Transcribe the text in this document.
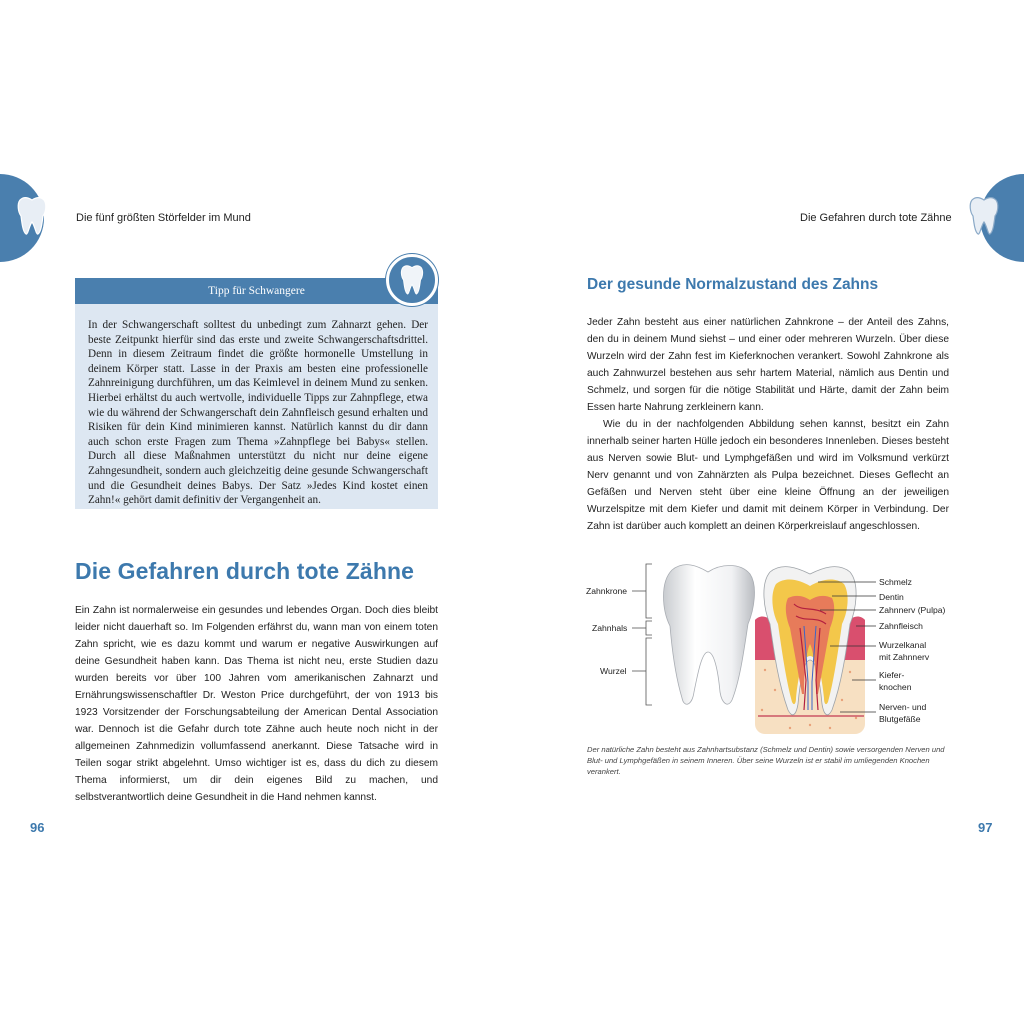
Die fünf größten Störfelder im Mund	Die Gefahren durch tote Zähne
Tipp für Schwangere
In der Schwangerschaft solltest du unbedingt zum Zahnarzt gehen. Der beste Zeitpunkt hierfür sind das erste und zweite Schwangerschaftsdrittel. Denn in diesem Zeitraum findet die größte hormonelle Umstellung in deinem Körper statt. Lasse in der Praxis am besten eine professionelle Zahnreinigung durchführen, um das Keimlevel in deinem Mund zu senken. Hierbei erhältst du auch wertvolle, individuelle Tipps zur Zahnpflege, etwa wie du während der Schwangerschaft dein Zahnfleisch gesund erhalten und Risiken für dein Kind minimieren kannst. Natürlich kannst du dir dann auch schon erste Fragen zum Thema »Zahnpflege bei Babys« stellen. Durch all diese Maßnahmen unterstützt du nicht nur deine eigene Zahngesundheit, sondern auch gleichzeitig deine gesunde Schwangerschaft und die Gesundheit deines Babys. Der Satz »Jedes Kind kostet einen Zahn!« gehört damit definitiv der Vergangenheit an.
Die Gefahren durch tote Zähne

Ein Zahn ist normalerweise ein gesundes und lebendes Organ. Doch dies bleibt leider nicht dauerhaft so. Im Folgenden erfährst du, wann man von einem toten Zahn spricht, wie es dazu kommt und warum er negative Auswirkungen auf deine Gesundheit haben kann. Das Thema ist nicht neu, erste Studien dazu wurden bereits vor über 100 Jahren vom amerikanischen Zahnarzt und Ernährungswissenschaftler Dr. Weston Price durchgeführt, der von 1913 bis 1923 Vorsitzender der Forschungsabteilung der American Dental Association war. Dennoch ist die Gefahr durch tote Zähne auch heute noch nicht in der allgemeinen Zahnmedizin vollumfassend anerkannt. Diese Tatsache wird in Teilen sogar strikt abgelehnt. Umso wichtiger ist es, dass du dich zu diesem Thema informierst, um dir dein eigenes Bild zu machen, und selbstverantwortlich deine Gesundheit in die Hand nehmen kannst.

96
Der gesunde Normalzustand des Zahns

Jeder Zahn besteht aus einer natürlichen Zahnkrone – der Anteil des Zahns, den du in deinem Mund siehst – und einer oder mehreren Wurzeln. Über diese Wurzeln wird der Zahn fest im Kieferknochen verankert. Sowohl Zahnkrone als auch Zahnwurzel bestehen aus sehr hartem Material, nämlich aus Dentin und Schmelz, und sorgen für die nötige Stabilität und Härte, damit der Zahn beim Essen harte Nahrung zerkleinern kann.

Wie du in der nachfolgenden Abbildung sehen kannst, besitzt ein Zahn innerhalb seiner harten Hülle jedoch ein besonderes Innenleben. Dieses besteht aus Nerven sowie Blut- und Lymphgefäßen und wird im Volksmund verkürzt Nerv genannt und von Zahnärzten als Pulpa bezeichnet. Dieses Geflecht an Gefäßen und Nerven steht über eine kleine Öffnung an der jeweiligen Wurzelspitze mit dem Kiefer und damit mit deinem Körper in Verbindung. Der Zahn ist darüber auch komplett an deinen Körperkreislauf angeschlossen.

Zahnkrone
Zahnhals
Wurzel
Schmelz
Dentin
Zahnnerv (Pulpa)
Zahnfleisch
Wurzelkanal
mit Zahnnerv
Kiefer-
knochen
Nerven- und
Blutgefäße
Der natürliche Zahn besteht aus Zahnhartsubstanz (Schmelz und Dentin) sowie versorgenden Nerven und Blut- und Lymphgefäßen in seinem Inneren. Über seine Wurzeln ist er stabil im umliegenden Knochen verankert.
97
